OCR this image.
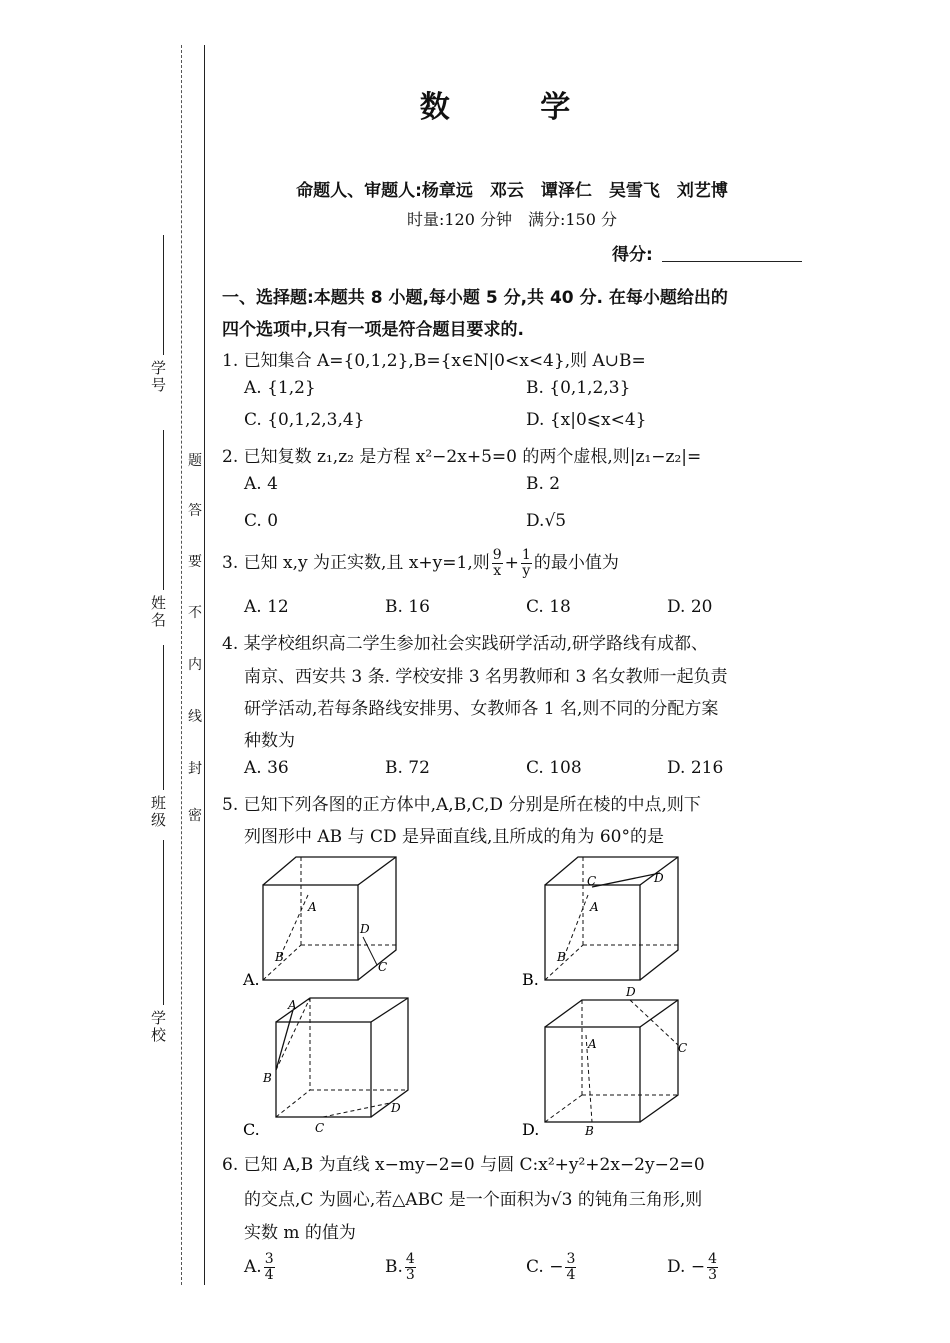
学号
姓名
班级
学校
密
封
线
内
不
要
答
题
数 学
命题人、审题人:杨章远　邓云　谭泽仁　吴雪飞　刘艺博
时量:120 分钟　满分:150 分
得分:
一、选择题:本题共 8 小题,每小题 5 分,共 40 分. 在每小题给出的
四个选项中,只有一项是符合题目要求的.
1. 已知集合 A={0,1,2},B={x∈N|0<x<4},则 A∪B=
A. {1,2}	B. {0,1,2,3}
C. {0,1,2,3,4}	D. {x|0⩽x<4}
2. 已知复数 z₁,z₂ 是方程 x²−2x+5=0 的两个虚根,则|z₁−z₂|=
A. 4	B. 2
C. 0	D.√5
3. 已知 x,y 为正实数,且 x+y=1,则 $\frac{9}{x} + \frac{1}{y}$ 的最小值为
A. 12	B. 16	C. 18	D. 20
4. 某学校组织高二学生参加社会实践研学活动,研学路线有成都、
南京、西安共 3 条. 学校安排 3 名男教师和 3 名女教师一起负责
研学活动,若每条路线安排男、女教师各 1 名,则不同的分配方案
种数为
A. 36	B. 72	C. 108	D. 216
5. 已知下列各图的正方体中,A,B,C,D 分别是所在棱的中点,则下
列图形中 AB 与 CD 是异面直线,且所成的角为 60°的是
A
B
C
D
A.
A
B
C	D
B.
A
B
C
D
C.
A
B
C
D
D.
6. 已知 A,B 为直线 x−my−2=0 与圆 C:x²+y²+2x−2y−2=0
的交点,C 为圆心,若△ABC 是一个面积为√3 的钝角三角形,则
实数 m 的值为
A. $\frac{3}{4}$	B. $\frac{4}{3}$	C. − $\frac{3}{4}$	D. − $\frac{4}{3}$
